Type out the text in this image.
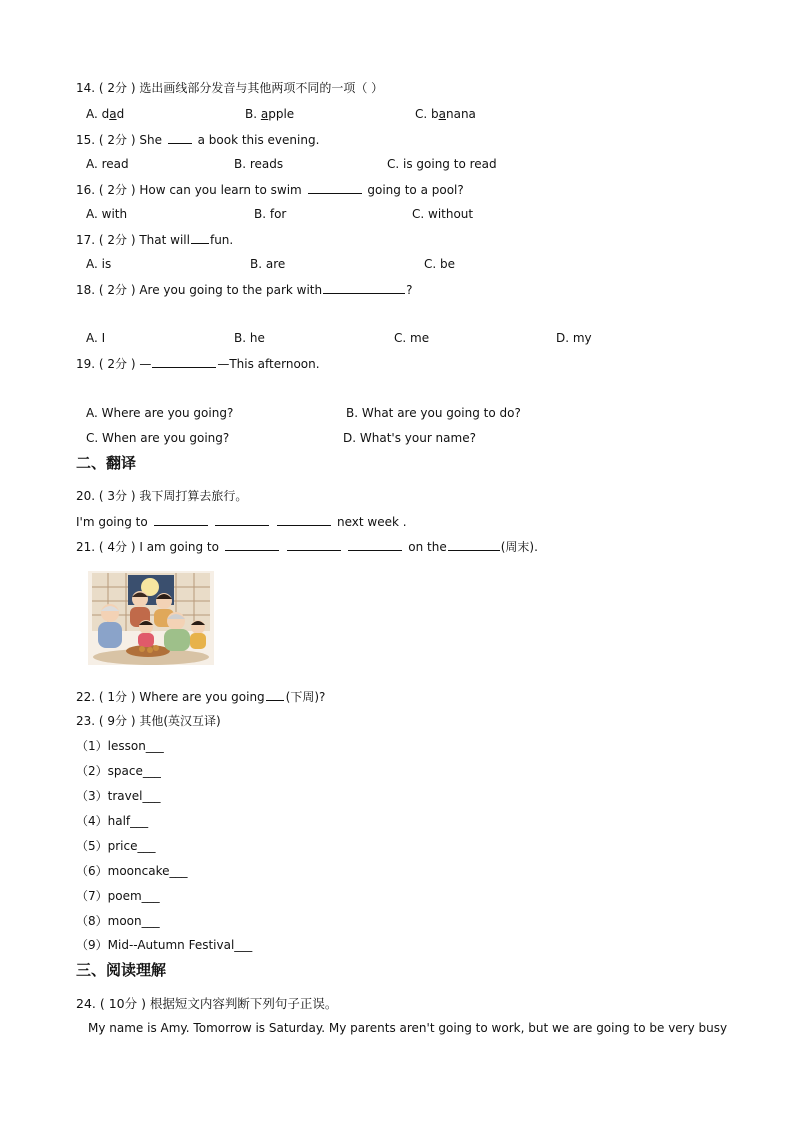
14. ( 2分 ) 选出画线部分发音与其他两项不同的一项（ ）
A. dad	B. apple	C. banana
15. ( 2分 ) She	a book this evening.
A. read	B. reads	C. is going to read
16. ( 2分 ) How can you learn to swim	going to a pool?
A. with	B. for	C. without
17. ( 2分 ) That will fun.
A. is	B. are	C. be
18. ( 2分 ) Are you going to the park with	?
A. I	B. he	C. me	D. my
19. ( 2分 ) —	—This afternoon.
A. Where are you going?	B. What are you going to do?
C. When are you going?	D. What's your name?
二、翻译
20. ( 3分 ) 我下周打算去旅行。
I'm going to	next week .
21. ( 4分 ) I am going to	on the	(周末).
22. ( 1分 ) Where are you going (下周)?
23. ( 9分 ) 其他(英汉互译)
（1）lesson___
（2）space___
（3）travel___
（4）half___
（5）price___
（6）mooncake___
（7）poem___
（8）moon___
（9）Mid--Autumn Festival___
三、阅读理解
24. ( 10分 ) 根据短文内容判断下列句子正误。
My name is Amy. Tomorrow is Saturday. My parents aren't going to work, but we are going to be very busy
